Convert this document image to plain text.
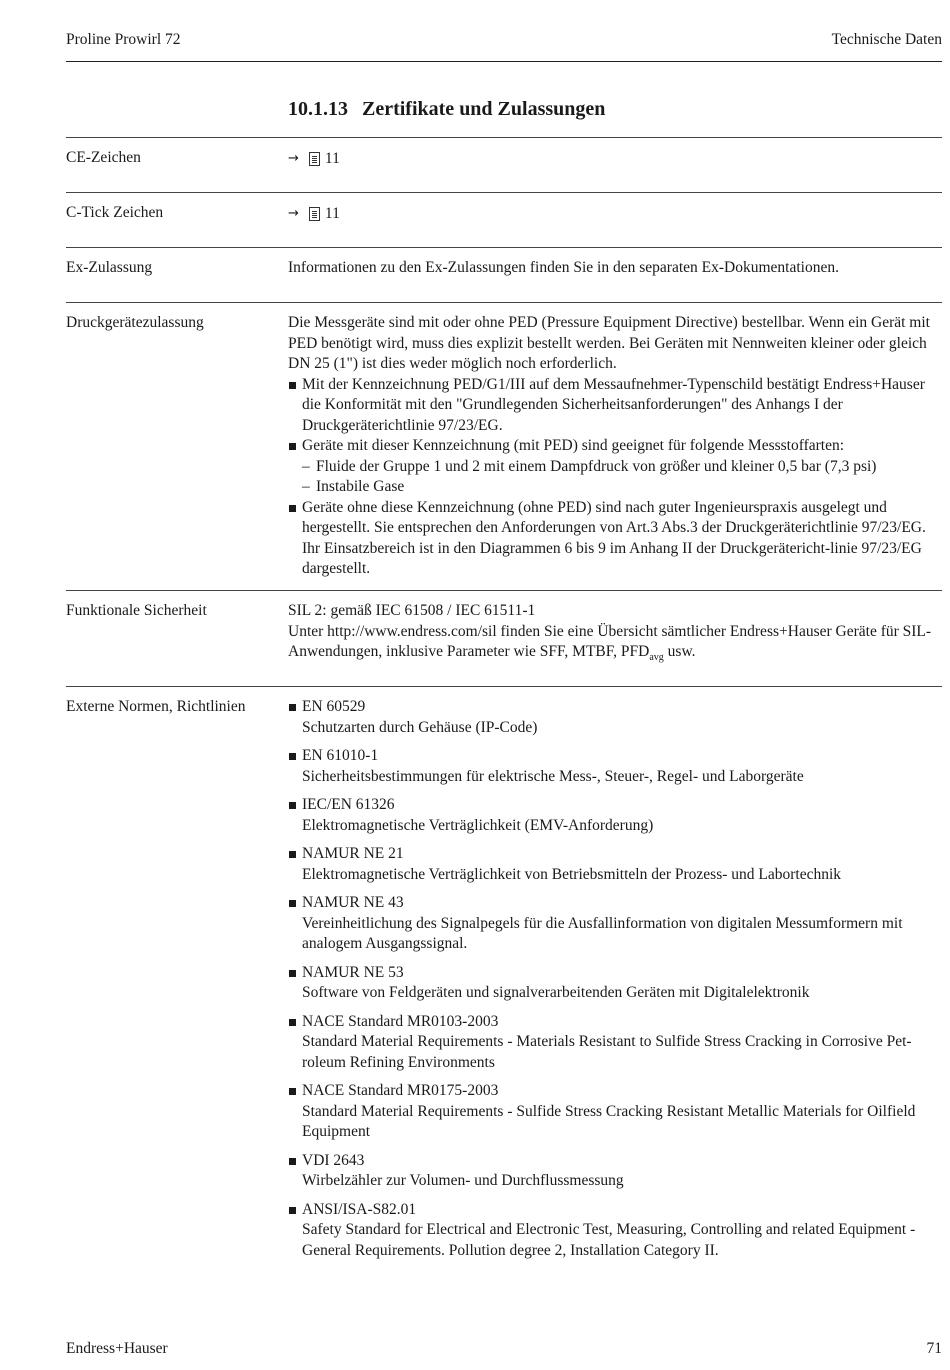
Proline Prowirl 72	Technische Daten
10.1.13 Zertifikate und Zulassungen
CE-Zeichen	→ 11
C-Tick Zeichen	→ 11
Ex-Zulassung	Informationen zu den Ex-Zulassungen finden Sie in den separaten Ex-Dokumentationen.
Druckgerätezulassung	Die Messgeräte sind mit oder ohne PED (Pressure Equipment Directive) bestellbar. Wenn ein Gerät mit PED benötigt wird, muss dies explizit bestellt werden. Bei Geräten mit Nennweiten kleiner oder gleich DN 25 (1") ist dies weder möglich noch erforderlich.
Mit der Kennzeichnung PED/G1/III auf dem Messaufnehmer-Typenschild bestätigt Endress+Hauser die Konformität mit den "Grundlegenden Sicherheitsanforderungen" des Anhangs I der Druckgeräterichtlinie 97/23/EG.
Geräte mit dieser Kennzeichnung (mit PED) sind geeignet für folgende Messstoffarten:
– Fluide der Gruppe 1 und 2 mit einem Dampfdruck von größer und kleiner 0,5 bar (7,3 psi)
– Instabile Gase
Geräte ohne diese Kennzeichnung (ohne PED) sind nach guter Ingenieurspraxis ausgelegt und hergestellt. Sie entsprechen den Anforderungen von Art.3 Abs.3 der Druckgeräterichtlinie 97/23/EG. Ihr Einsatzbereich ist in den Diagrammen 6 bis 9 im Anhang II der Druckgerätericht-linie 97/23/EG dargestellt.
Funktionale Sicherheit	SIL 2: gemäß IEC 61508 / IEC 61511-1
Unter http://www.endress.com/sil finden Sie eine Übersicht sämtlicher Endress+Hauser Geräte für SIL-Anwendungen, inklusive Parameter wie SFF, MTBF, $PFD_{avg}$ usw.
Externe Normen, Richtlinien	EN 60529
Schutzarten durch Gehäuse (IP-Code)
EN 61010-1
Sicherheitsbestimmungen für elektrische Mess-, Steuer-, Regel- und Laborgeräte
IEC/EN 61326
Elektromagnetische Verträglichkeit (EMV-Anforderung)
NAMUR NE 21
Elektromagnetische Verträglichkeit von Betriebsmitteln der Prozess- und Labortechnik
NAMUR NE 43
Vereinheitlichung des Signalpegels für die Ausfallinformation von digitalen Messumformern mit analogem Ausgangssignal.
NAMUR NE 53
Software von Feldgeräten und signalverarbeitenden Geräten mit Digitalelektronik
NACE Standard MR0103-2003
Standard Material Requirements - Materials Resistant to Sulfide Stress Cracking in Corrosive Pet-roleum Refining Environments
NACE Standard MR0175-2003
Standard Material Requirements - Sulfide Stress Cracking Resistant Metallic Materials for Oilfield Equipment
VDI 2643
Wirbelzähler zur Volumen- und Durchflussmessung
ANSI/ISA-S82.01
Safety Standard for Electrical and Electronic Test, Measuring, Controlling and related Equipment - General Requirements. Pollution degree 2, Installation Category II.
Endress+Hauser	71
